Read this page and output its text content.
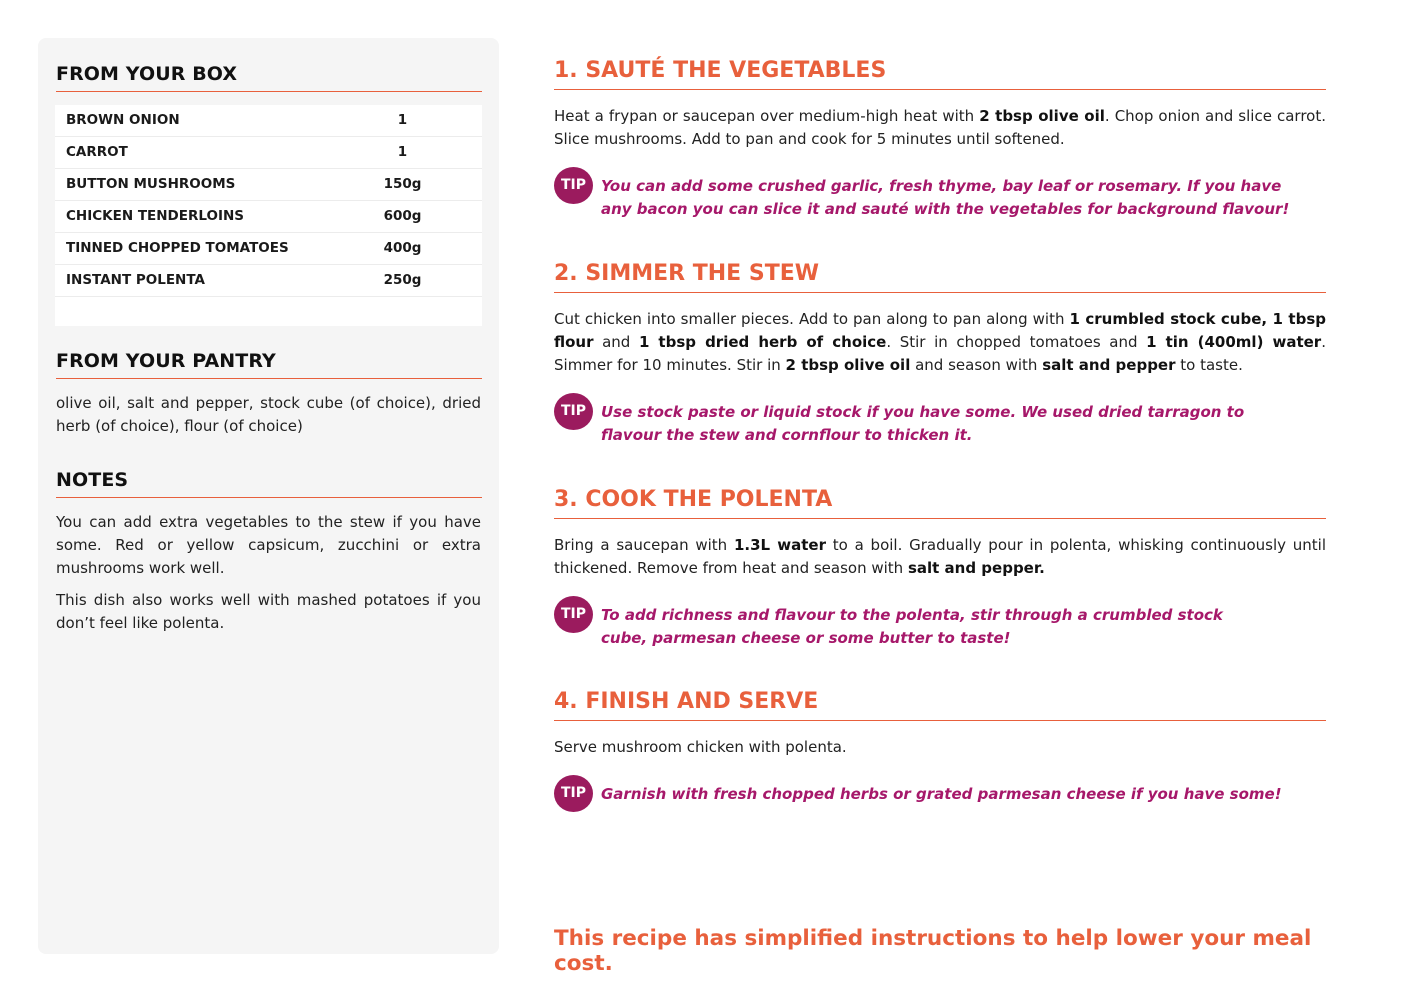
FROM YOUR BOX
BROWN ONION	1
CARROT	1
BUTTON MUSHROOMS	150g
CHICKEN TENDERLOINS	600g
TINNED CHOPPED TOMATOES	400g
INSTANT POLENTA	250g
FROM YOUR PANTRY

olive oil, salt and pepper, stock cube (of choice), dried herb (of choice), flour (of choice)

NOTES

You can add extra vegetables to the stew if you have some. Red or yellow capsicum, zucchini or extra mushrooms work well.

This dish also works well with mashed potatoes if you don’t feel like polenta.

1. SAUTÉ THE VEGETABLES

Heat a frypan or saucepan over medium-high heat with 2 tbsp olive oil. Chop onion and slice carrot. Slice mushrooms. Add to pan and cook for 5 minutes until softened.

TIP You can add some crushed garlic, fresh thyme, bay leaf or rosemary. If you have any bacon you can slice it and sauté with the vegetables for background flavour!

2. SIMMER THE STEW

Cut chicken into smaller pieces. Add to pan along to pan along with 1 crumbled stock cube, 1 tbsp flour and 1 tbsp dried herb of choice. Stir in chopped tomatoes and 1 tin (400ml) water. Simmer for 10 minutes. Stir in 2 tbsp olive oil and season with salt and pepper to taste.

TIP Use stock paste or liquid stock if you have some. We used dried tarragon to flavour the stew and cornflour to thicken it.

3. COOK THE POLENTA

Bring a saucepan with 1.3L water to a boil. Gradually pour in polenta, whisking continuously until thickened. Remove from heat and season with salt and pepper.

TIP To add richness and flavour to the polenta, stir through a crumbled stock cube, parmesan cheese or some butter to taste!

4. FINISH AND SERVE

Serve mushroom chicken with polenta.

TIP Garnish with fresh chopped herbs or grated parmesan cheese if you have some!

This recipe has simplified instructions to help lower your meal cost.
